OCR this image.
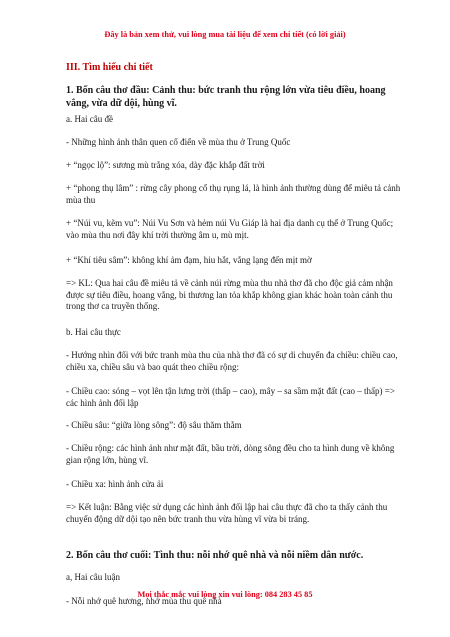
Đây là bản xem thử, vui lòng mua tài liệu để xem chi tiết (có lời giải)
III. Tìm hiểu chi tiết

1. Bốn câu thơ đầu: Cảnh thu: bức tranh thu rộng lớn vừa tiêu điều, hoang vắng, vừa dữ dội, hùng vĩ.

a. Hai câu đề

- Những hình ảnh thân quen cổ điển về mùa thu ở Trung Quốc

+ “ngọc lộ”: sương mù trắng xóa, dày đặc khắp đất trời

+ “phong thụ lâm” : rừng cây phong cổ thụ rụng lá, là hình ảnh thường dùng để miêu tả cảnh mùa thu

+ “Núi vu, kẽm vu”: Núi Vu Sơn và hẻm núi Vu Giáp là hai địa danh cụ thể ở Trung Quốc; vào mùa thu nơi đây khí trời thường âm u, mù mịt.

+ “Khí tiêu sâm”: không khí ảm đạm, hiu hắt, vắng lạng đến mịt mờ

=> KL: Qua hai câu đề miêu tả về cảnh núi rừng mùa thu nhà thơ đã cho độc giả cảm nhận được sự tiêu điều, hoang vắng, bi thương lan tỏa khắp không gian khác hoàn toàn cảnh thu trong thơ ca truyền thống.

b. Hai câu thực

- Hướng nhìn đối với bức tranh mùa thu của nhà thơ đã có sự di chuyển đa chiều: chiều cao, chiều xa, chiều sâu và bao quát theo chiều rộng:

- Chiều cao: sóng – vọt lên tận lưng trời (thấp – cao), mây – sa sầm mặt đất (cao – thấp) => các hình ảnh đối lập

- Chiều sâu: “giữa lòng sông”: độ sâu thăm thẳm

- Chiều rộng: các hình ảnh như mặt đất, bầu trời, dòng sông đều cho ta hình dung về không gian rộng lớn, hùng vĩ.

- Chiều xa: hình ảnh cửa ải

=> Kết luận: Bằng việc sử dụng các hình ảnh đối lập hai câu thực đã cho ta thấy cảnh thu chuyển động dữ dội tạo nên bức tranh thu vừa hùng vĩ vừa bi tráng.

2. Bốn câu thơ cuối: Tình thu: nỗi nhớ quê nhà và nỗi niềm dân nước.

a, Hai câu luận

- Nỗi nhớ quê hương, nhớ mùa thu quê nhà

Mọi thắc mắc vui lòng xin vui lòng: 084 283 45 85
